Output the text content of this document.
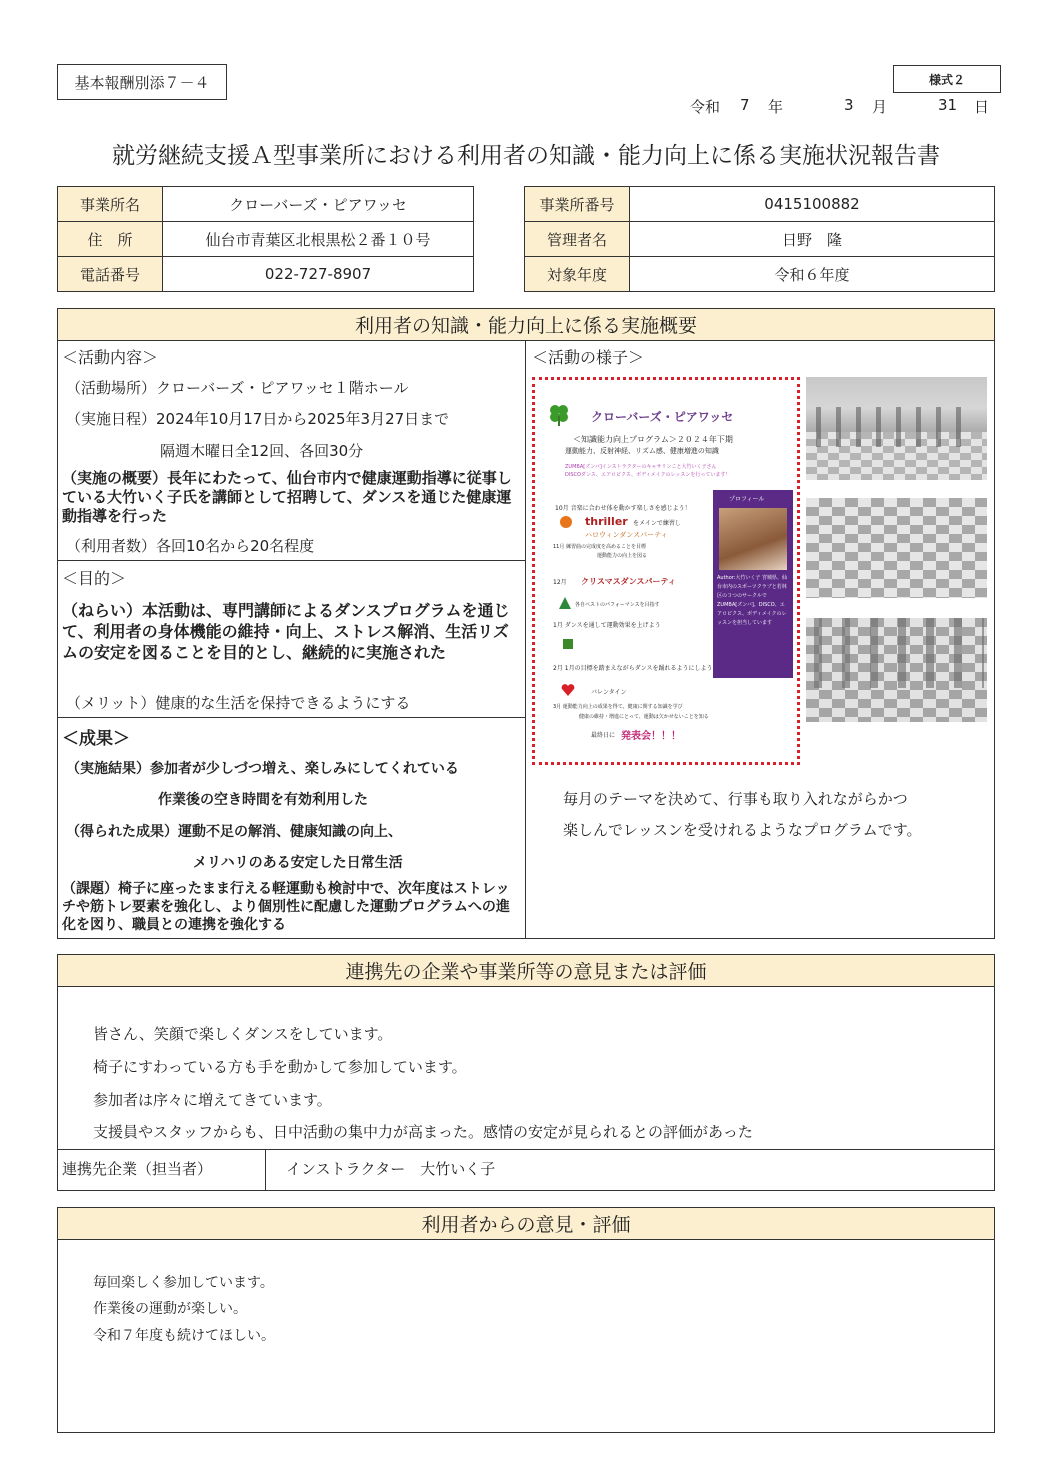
基本報酬別添７－４	様式２
令和 7 年	3 月	31 日
就労継続支援Ａ型事業所における利用者の知識・能力向上に係る実施状況報告書
事業所名	クローバーズ・ピアワッセ
住　所	仙台市青葉区北根黒松２番１０号
電話番号	022-727-8907
事業所番号	0415100882
管理者名	日野　隆
対象年度	令和６年度
利用者の知識・能力向上に係る実施概要
＜活動内容＞
（活動場所）クローバーズ・ピアワッセ１階ホール
（実施日程）2024年10月17日から2025年3月27日まで
隔週木曜日全12回、各回30分
（実施の概要）長年にわたって、仙台市内で健康運動指導に従事している大竹いく子氏を講師として招聘して、ダンスを通じた健康運動指導を行った
（利用者数）各回10名から20名程度
＜目的＞
（ねらい）本活動は、専門講師によるダンスプログラムを通じて、利用者の身体機能の維持・向上、ストレス解消、生活リズムの安定を図ることを目的とし、継続的に実施された
（メリット）健康的な生活を保持できるようにする
＜成果＞
（実施結果）参加者が少しづつ増え、楽しみにしてくれている
作業後の空き時間を有効利用した
（得られた成果）運動不足の解消、健康知識の向上、
メリハリのある安定した日常生活
（課題）椅子に座ったまま行える軽運動も検討中で、次年度はストレッチや筋トレ要素を強化し、より個別性に配慮した運動プログラムへの進化を図り、職員との連携を強化する
＜活動の様子＞
クローバーズ・ピアワッセ
＜知識能力向上プログラム＞２０２４年下期
運動能力、反射神経、リズム感、健康増進の知識
ZUMBA[ズンバ]インストラクターのキャサリンこと大竹いく子さん
DISCOダンス、エアロビクス、ボディメイクのレッスンを行っています！
10月 音楽に合わせ体を動かす楽しさを感じよう！
thriller をメインで練習し
ハロウィンダンスパーティ
11月 練習曲の完成度を高めることを目標
運動能力の向上を図る
12月 クリスマスダンスパーティ
各自ベストのパフォーマンスを目指す
1月 ダンスを通して運動効果を上げよう
2月 1月の目標を踏まえながらダンスを踊れるようにしよう
バレンタイン
3月 運動能力向上の成果を得て、健康に関する知識を学び
健康の維持・増進にとって、運動は欠かせないことを知る
最終日に 発表会！！！
プロフィール
Author:大竹いく子 宮城県、仙台市内のスポーツクラブと若林区の３つのサークルでZUMBA[ズンバ]、DISCO、エアロビクス、ボディメイクのレッスンを担当しています
毎月のテーマを決めて、行事も取り入れながらかつ
楽しんでレッスンを受けれるようなプログラムです。
連携先の企業や事業所等の意見または評価
皆さん、笑顔で楽しくダンスをしています。
椅子にすわっている方も手を動かして参加しています。
参加者は序々に増えてきています。
支援員やスタッフからも、日中活動の集中力が高まった。感情の安定が見られるとの評価があった
連携先企業（担当者）	インストラクター　大竹いく子
利用者からの意見・評価
毎回楽しく参加しています。
作業後の運動が楽しい。
令和７年度も続けてほしい。
